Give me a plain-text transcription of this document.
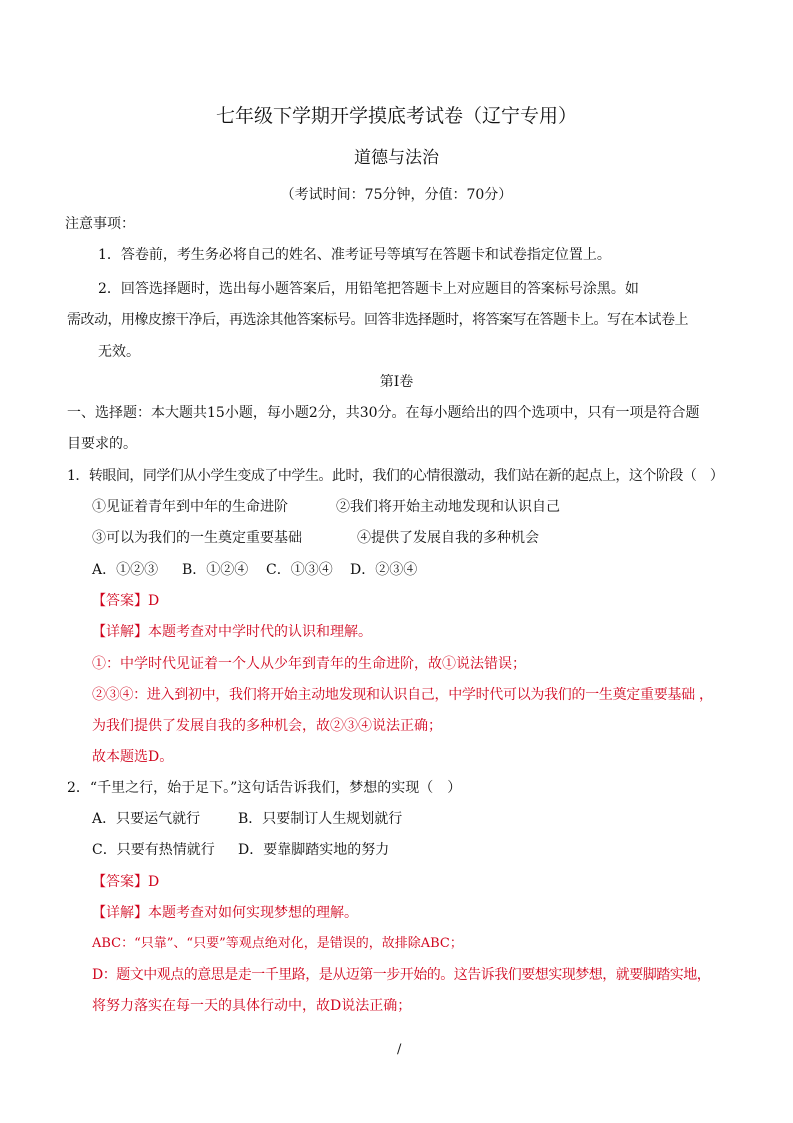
七年级下学期开学摸底考试卷（辽宁专用）
道德与法治
（考试时间：75分钟，分值：70分）
注意事项：
1．答卷前，考生务必将自己的姓名、准考证号等填写在答题卡和试卷指定位置上。
2．回答选择题时，选出每小题答案后，用铅笔把答题卡上对应题目的答案标号涂黑。如
需改动，用橡皮擦干净后，再选涂其他答案标号。回答非选择题时，将答案写在答题卡上。写在本试卷上
无效。
第Ⅰ卷
一、选择题：本大题共15小题，每小题2分，共30分。在每小题给出的四个选项中，只有一项是符合题
目要求的。
1．转眼间，同学们从小学生变成了中学生。此时，我们的心情很激动，我们站在新的起点上，这个阶段（　）
①见证着青年到中年的生命进阶	②我们将开始主动地发现和认识自己
③可以为我们的一生奠定重要基础	④提供了发展自我的多种机会
A．①②③ B．①②④ C．①③④ D．②③④
【答案】D
【详解】本题考查对中学时代的认识和理解。
①：中学时代见证着一个人从少年到青年的生命进阶，故①说法错误；
②③④：进入到初中，我们将开始主动地发现和认识自己，中学时代可以为我们的一生奠定重要基础 ，
为我们提供了发展自我的多种机会，故②③④说法正确；
故本题选D。
2．“千里之行，始于足下。”这句话告诉我们，梦想的实现（　）
A．只要运气就行	B．只要制订人生规划就行
C．只要有热情就行 D．要靠脚踏实地的努力
【答案】D
【详解】本题考查对如何实现梦想的理解。
ABC：“只靠”、“只要”等观点绝对化，是错误的，故排除ABC；
D：题文中观点的意思是走一千里路，是从迈第一步开始的。这告诉我们要想实现梦想，就要脚踏实地，
将努力落实在每一天的具体行动中，故D说法正确；
/
